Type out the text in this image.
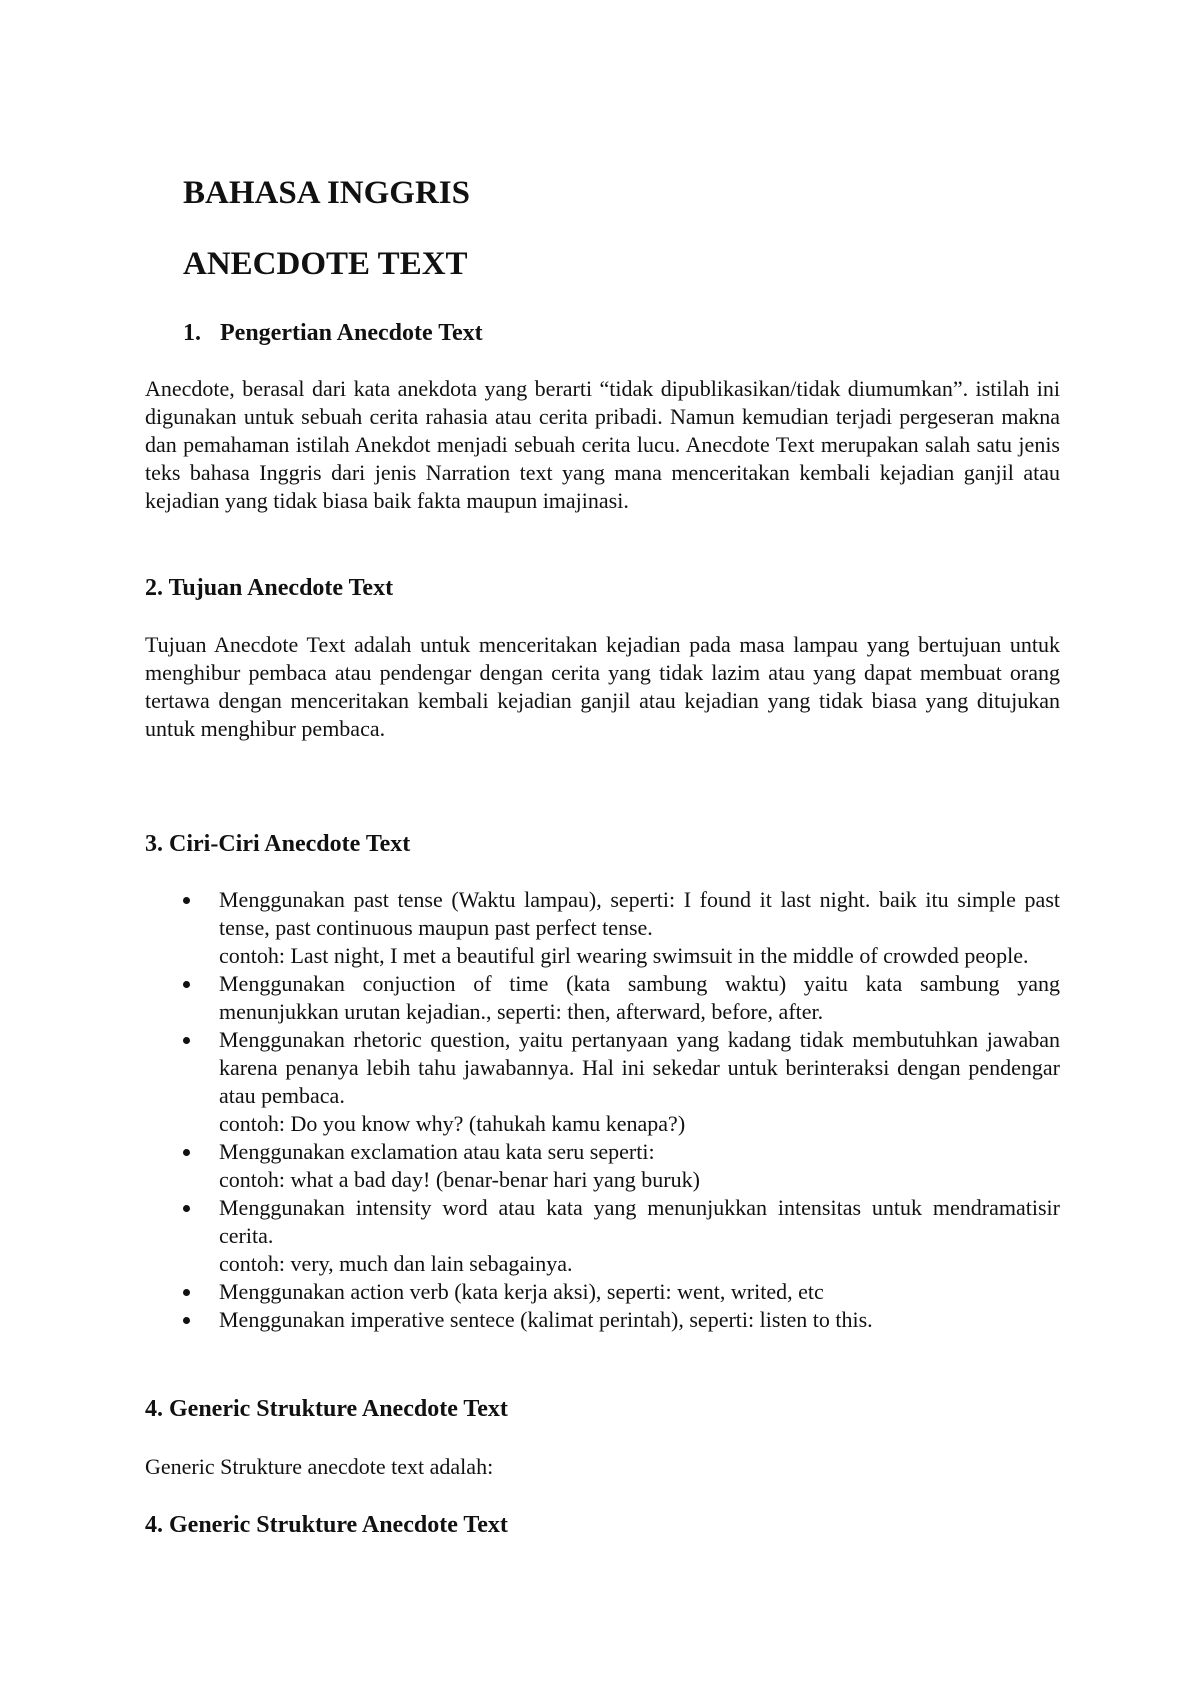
BAHASA INGGRIS
ANECDOTE TEXT
1. Pengertian Anecdote Text

Anecdote, berasal dari kata anekdota yang berarti “tidak dipublikasikan/tidak diumumkan”. istilah ini digunakan untuk sebuah cerita rahasia atau cerita pribadi. Namun kemudian terjadi pergeseran makna dan pemahaman istilah Anekdot menjadi sebuah cerita lucu. Anecdote Text merupakan salah satu jenis teks bahasa Inggris dari jenis Narration text yang mana menceritakan kembali kejadian ganjil atau kejadian yang tidak biasa baik fakta maupun imajinasi.

2. Tujuan Anecdote Text

Tujuan Anecdote Text adalah untuk menceritakan kejadian pada masa lampau yang bertujuan untuk menghibur pembaca atau pendengar dengan cerita yang tidak lazim atau yang dapat membuat orang tertawa dengan menceritakan kembali kejadian ganjil atau kejadian yang tidak biasa yang ditujukan untuk menghibur pembaca.

3. Ciri-Ciri Anecdote Text
Menggunakan past tense (Waktu lampau), seperti: I found it last night. baik itu simple past tense, past continuous maupun past perfect tense.
contoh: Last night, I met a beautiful girl wearing swimsuit in the middle of crowded people.
Menggunakan conjuction of time (kata sambung waktu) yaitu kata sambung yang menunjukkan urutan kejadian., seperti: then, afterward, before, after.
Menggunakan rhetoric question, yaitu pertanyaan yang kadang tidak membutuhkan jawaban karena penanya lebih tahu jawabannya. Hal ini sekedar untuk berinteraksi dengan pendengar atau pembaca.
contoh: Do you know why? (tahukah kamu kenapa?)
Menggunakan exclamation atau kata seru seperti:
contoh: what a bad day! (benar-benar hari yang buruk)
Menggunakan intensity word atau kata yang menunjukkan intensitas untuk mendramatisir cerita.
contoh: very, much dan lain sebagainya.
Menggunakan action verb (kata kerja aksi), seperti: went, writed, etc
Menggunakan imperative sentece (kalimat perintah), seperti: listen to this.
4. Generic Strukture Anecdote Text

Generic Strukture anecdote text adalah:

4. Generic Strukture Anecdote Text
